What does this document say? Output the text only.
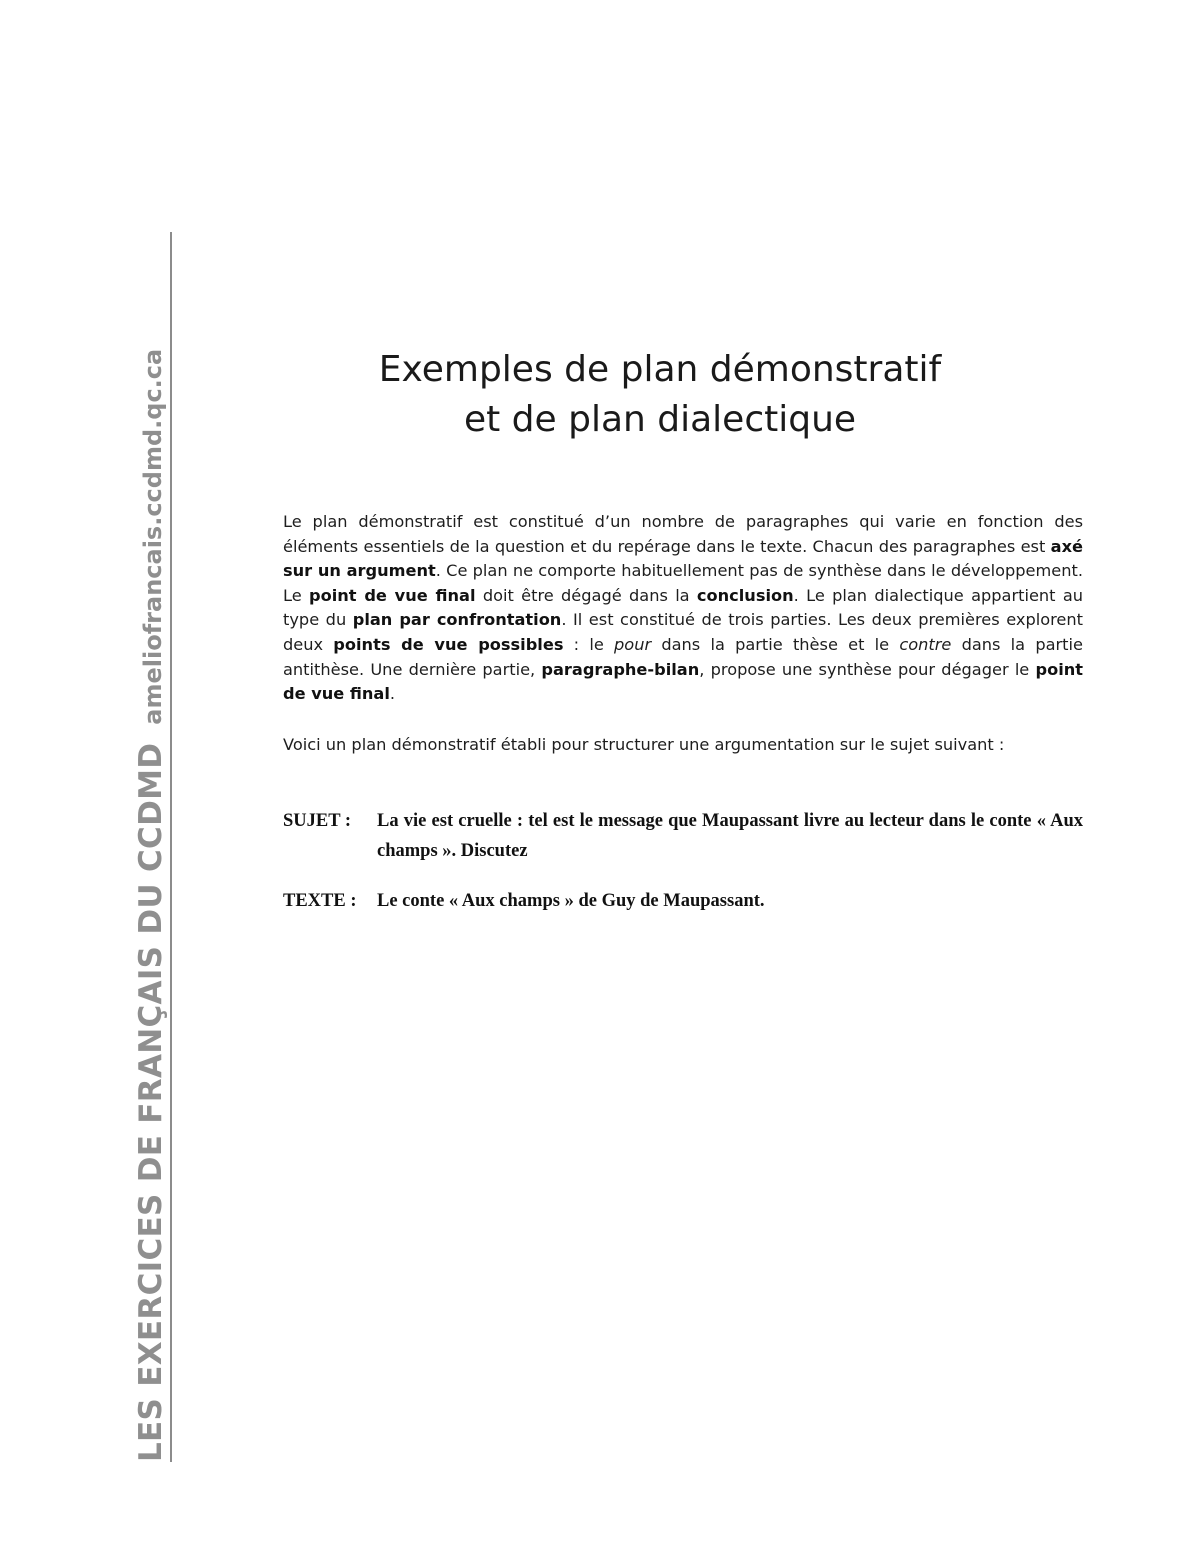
LES EXERCICES DE FRANÇAIS DU CCDMDameliofrancais.ccdmd.qc.ca	Exemples de plan démonstratif
et de plan dialectique

Le plan démonstratif est constitué d’un nombre de paragraphes qui varie en fonction des éléments essentiels de la question et du repérage dans le texte. Chacun des paragraphes est axé sur un argument. Ce plan ne comporte habituellement pas de synthèse dans le développement. Le point de vue final doit être dégagé dans la conclusion. Le plan dialectique appartient au type du plan par confrontation. Il est constitué de trois parties. Les deux premières explorent deux points de vue possibles : le pour dans la partie thèse et le contre dans la partie antithèse. Une dernière partie, paragraphe-bilan, propose une synthèse pour dégager le point de vue final.

Voici un plan démonstratif établi pour structurer une argumentation sur le sujet suivant :

SUJET :	La vie est cruelle : tel est le message que Maupassant livre au lecteur dans le conte « Aux champs ». Discutez
TEXTE :	Le conte « Aux champs » de Guy de Maupassant.
